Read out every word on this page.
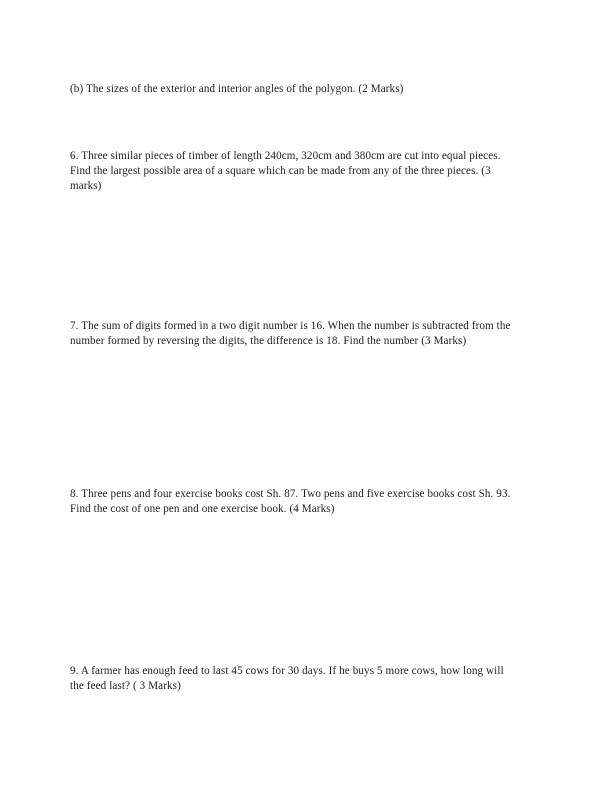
(b) The sizes of the exterior and interior angles of the polygon. (2 Marks)
6. Three similar pieces of timber of length 240cm, 320cm and 380cm are cut into equal pieces.
Find the largest possible area of a square which can be made from any of the three pieces. (3
marks)
7. The sum of digits formed in a two digit number is 16. When the number is subtracted from the
number formed by reversing the digits, the difference is 18. Find the number (3 Marks)
8. Three pens and four exercise books cost Sh. 87. Two pens and five exercise books cost Sh. 93.
Find the cost of one pen and one exercise book. (4 Marks)
9. A farmer has enough feed to last 45 cows for 30 days. If he buys 5 more cows, how long will
the feed last? ( 3 Marks)
